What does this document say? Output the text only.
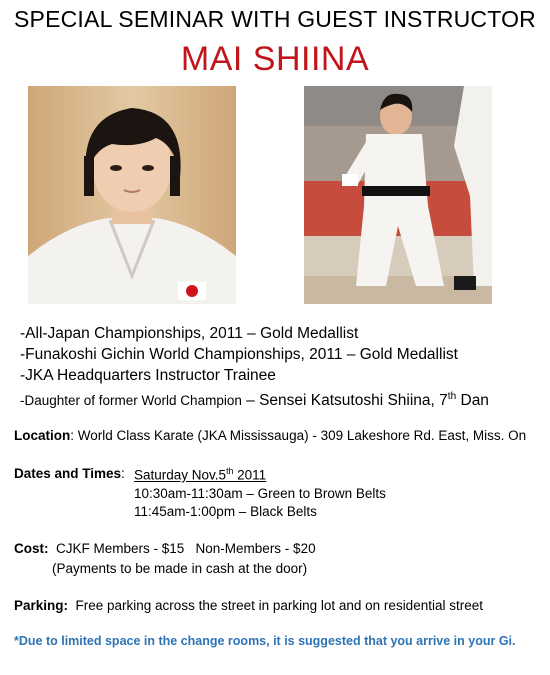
SPECIAL SEMINAR WITH GUEST INSTRUCTOR
MAI SHIINA
-All-Japan Championships, 2011 – Gold Medallist
-Funakoshi Gichin World Championships, 2011 – Gold Medallist
-JKA Headquarters Instructor Trainee
-Daughter of former World Champion – Sensei Katsutoshi Shiina, 7th Dan
Location: World Class Karate (JKA Mississauga) - 309 Lakeshore Rd. East, Miss. On
Dates and Times: Saturday Nov.5th 2011
10:30am-11:30am – Green to Brown Belts
11:45am-1:00pm – Black Belts
Cost:  CJKF Members - $15   Non-Members - $20
(Payments to be made in cash at the door)
Parking:  Free parking across the street in parking lot and on residential street
*Due to limited space in the change rooms, it is suggested that you arrive in your Gi.
